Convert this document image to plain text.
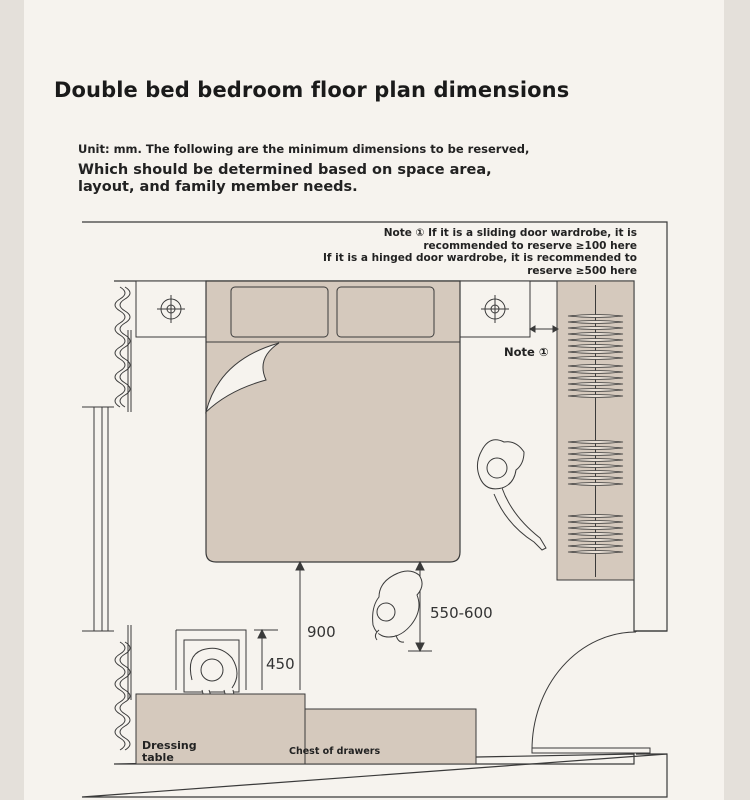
Double bed bedroom floor plan dimensions
Unit: mm. The following are the minimum dimensions to be reserved,
Which should be determined based on space area, layout, and family member needs.
Note ① If it is a sliding door wardrobe, it is
recommended to reserve ≥100 here
If it is a hinged door wardrobe, it is recommended to
reserve ≥500 here
Note ①
900
450
550-600
Dressing
table	Chest of drawers
